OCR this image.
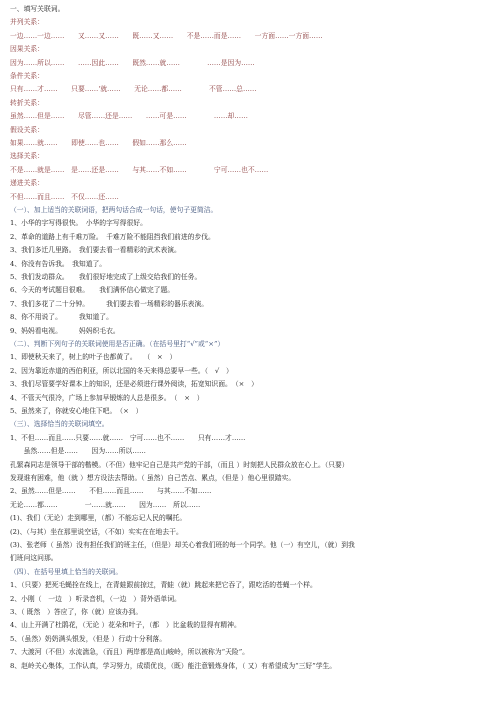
一、填写关联词。
并列关系：
一边……一边……　　又……又……　　既……又……　　不是……而是……　　一方面……一方面……
因果关系：
因为……所以……　　……因此……　　既然……就……　　　　……是因为……
条件关系：
只有……才……　　只要……'就……　　无论……都……　　　　不管……总……
转折关系：
虽然……但是……　　尽管……还是……　　……可是……　　　　……却……
假设关系：
如果……就……　　即使……也……　　假如……那么……
选择关系：
不是……就是……　是……还是……　　与其……不如……　　　　宁可……也不……
递进关系：
不但……而且……　不仅……还……
（一）、加上适当的关联词语，把两句话合成一句话，使句子更简洁。
1、小华的字写得很快。　小华的字写得很好。
2、革命的道路上有千难万险。　千难万险不能阻挡我们前进的步伐。
3、我们多迁几里路。　我们要去看一看精彩的武术表演。
4、你没有告诉我。　我知道了。
5、我们发动群众。　　我们很好地完成了上级交给我们的任务。
6、今天的考试题目很难。　　我们满怀信心做完了题。
7、我们多花了二十分钟。　　　我们要去看一场精彩的器乐表演。
8、你不用说了。　　　我知道了。
9、妈妈看电视。　　　妈妈织毛衣。
（二）、判断下列句子的关联词使用是否正确。（在括号里打“√”或“×”）
1、即使秋天来了，树上的叶子也都黄了。　　（　×　）
2、因为靠近赤道的西伯利亚，所以北国的冬天来得总要早一些。（　√　）
3、我们尽管要学好课本上的知识，还是必须进行课外阅读，拓宽知识面。　（×　）
4、不管天气很冷，广场上参加早锻炼的人总是很多。　（　×　）
5、虽然来了，你就安心地住下吧。　（×　）
（三）、选择恰当的关联词填空。
1、不但……而且……只要……就……　宁可……也不……　　只有……才……
　　虽然……但是……　　因为……所以……
孔繁森同志是领导干部的楷模。（不但）他牢记自己是共产党的干部，（而且 ）时刻把人民群众放在心上。（只要）
发现谁有困难，他（就 ）想方设法去帮助。（ 虽然）自己苦点、累点，（但是 ）他心里很踏实。
2、虽然……但是……　　不但……而且……　　与其……不如……
无论……都……　　　　一……就……　　因为……　所以……
(1)、我们（无论）走到哪里，（都）不能忘记人民的嘱托。
(2)、（与其）坐在那里说空话，（不如）实实在在地去干。
(3)、张老师（ 虽然）没有担任我们的班主任，（但是）却关心着我们班的每一个同学。他（一）有空儿，（就）到我
们班问这问那。
（四）、在括号里填上恰当的关联词。
1、（只要）把死毛蝇拴在线上，在青蛙跟前掠过，青蛙（就）跳起来把它吞了，跟吃活的苍蝇一个样。
2、小刚（　一边　）听录音机，（一边　）背外语单词。
3、（ 既然　）答应了，你（就）应该办到。
4、山上开满了杜鹃花，（无论 ）花朵和叶子，（都　）比盆栽的显得有精神。
5、（虽然）奶奶满头银发，（但是 ）行动十分利落。
7、大渡河（不但）水流湍急，（而且）两岸都是高山峻岭，所以被称为“天险”。
8、赵岭关心集体，工作认真，学习努力，成绩优良，（既）能注意锻炼身体，（ 又）有希望成为“三好”学生。
